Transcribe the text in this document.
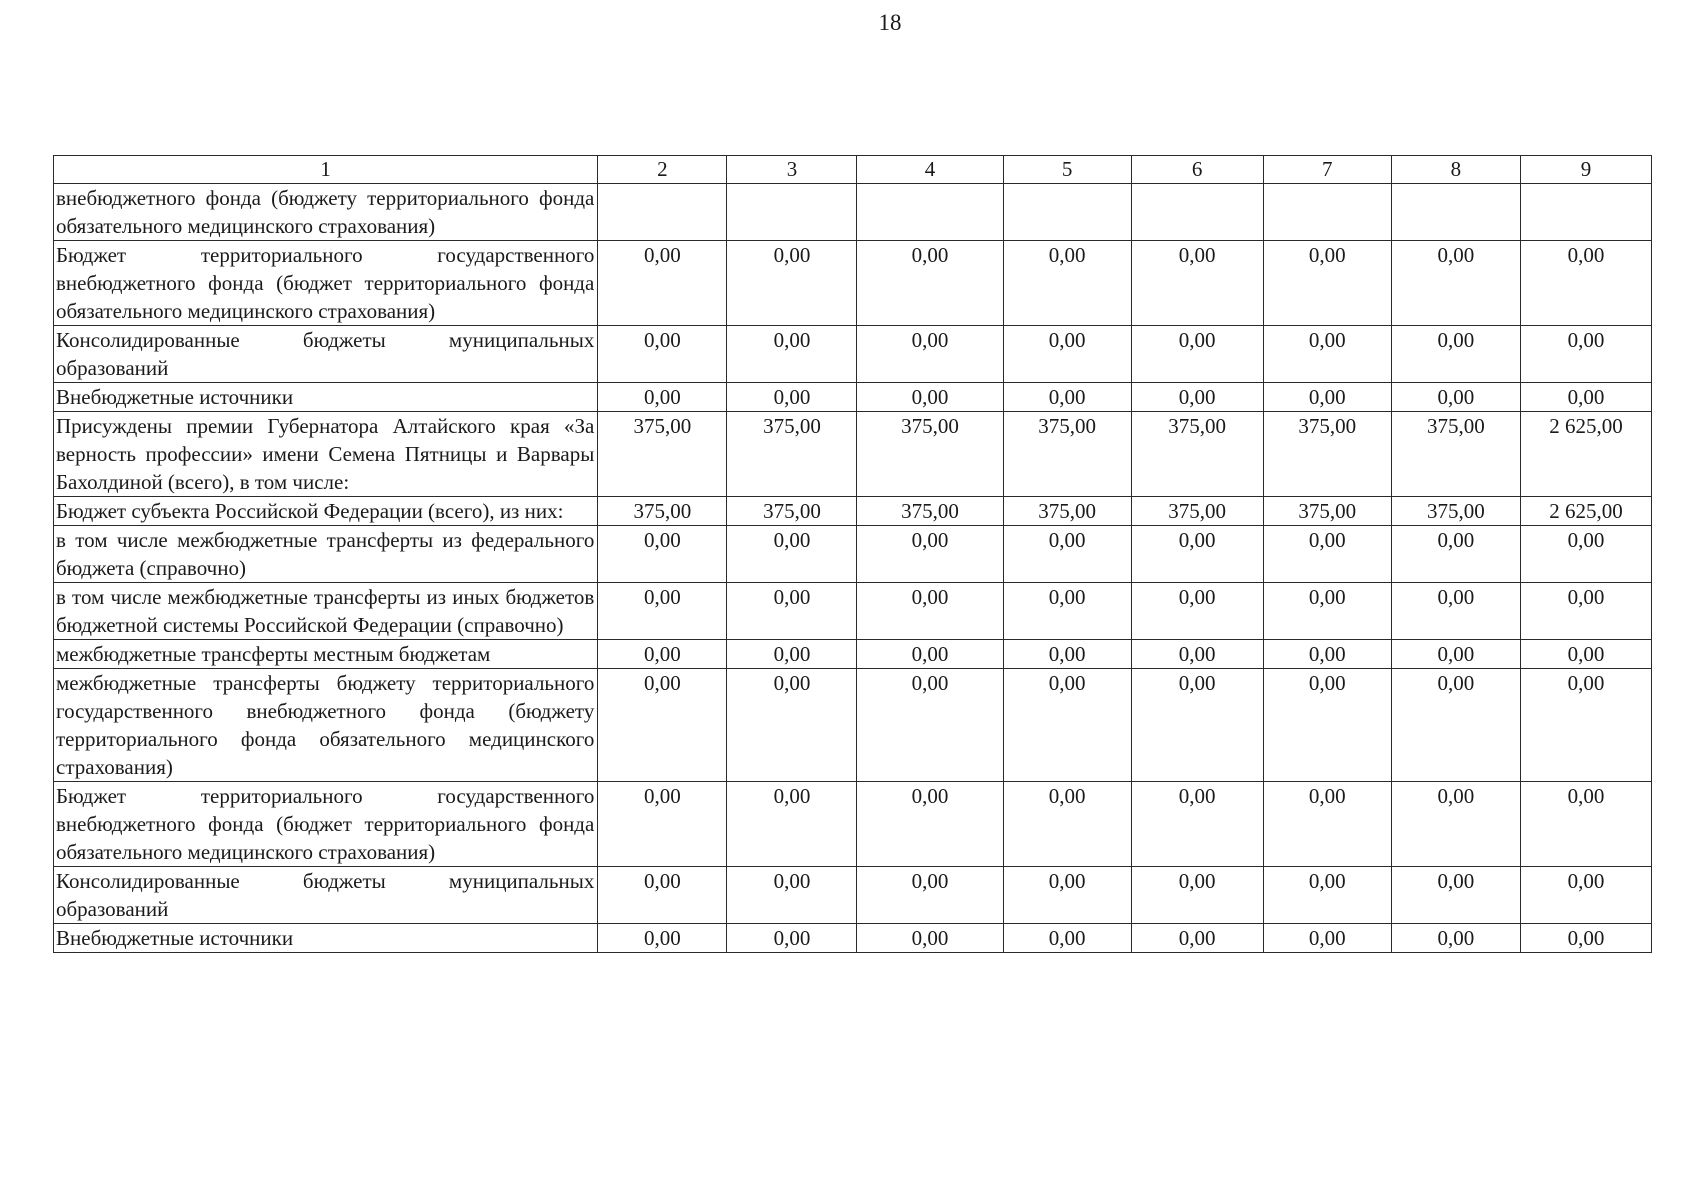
18
1	2	3	4	5	6	7	8	9
внебюджетного фонда (бюджету территориального фонда обязательного медицинского страхования)								
Бюджет территориального государственного внебюджетного фонда (бюджет территориального фонда обязательного медицинского страхования)	0,00	0,00	0,00	0,00	0,00	0,00	0,00	0,00
Консолидированные бюджеты муниципальных образований	0,00	0,00	0,00	0,00	0,00	0,00	0,00	0,00
Внебюджетные источники	0,00	0,00	0,00	0,00	0,00	0,00	0,00	0,00
Присуждены премии Губернатора Алтайского края «За верность профессии» имени Семена Пятницы и Варвары Бахолдиной (всего), в том числе:	375,00	375,00	375,00	375,00	375,00	375,00	375,00	2 625,00
Бюджет субъекта Российской Федерации (всего), из них:	375,00	375,00	375,00	375,00	375,00	375,00	375,00	2 625,00
в том числе межбюджетные трансферты из федерального бюджета (справочно)	0,00	0,00	0,00	0,00	0,00	0,00	0,00	0,00
в том числе межбюджетные трансферты из иных бюджетов бюджетной системы Российской Федерации (справочно)	0,00	0,00	0,00	0,00	0,00	0,00	0,00	0,00
межбюджетные трансферты местным бюджетам	0,00	0,00	0,00	0,00	0,00	0,00	0,00	0,00
межбюджетные трансферты бюджету территориального государственного внебюджетного фонда (бюджету территориального фонда обязательного медицинского страхования)	0,00	0,00	0,00	0,00	0,00	0,00	0,00	0,00
Бюджет территориального государственного внебюджетного фонда (бюджет территориального фонда обязательного медицинского страхования)	0,00	0,00	0,00	0,00	0,00	0,00	0,00	0,00
Консолидированные бюджеты муниципальных образований	0,00	0,00	0,00	0,00	0,00	0,00	0,00	0,00
Внебюджетные источники	0,00	0,00	0,00	0,00	0,00	0,00	0,00	0,00
